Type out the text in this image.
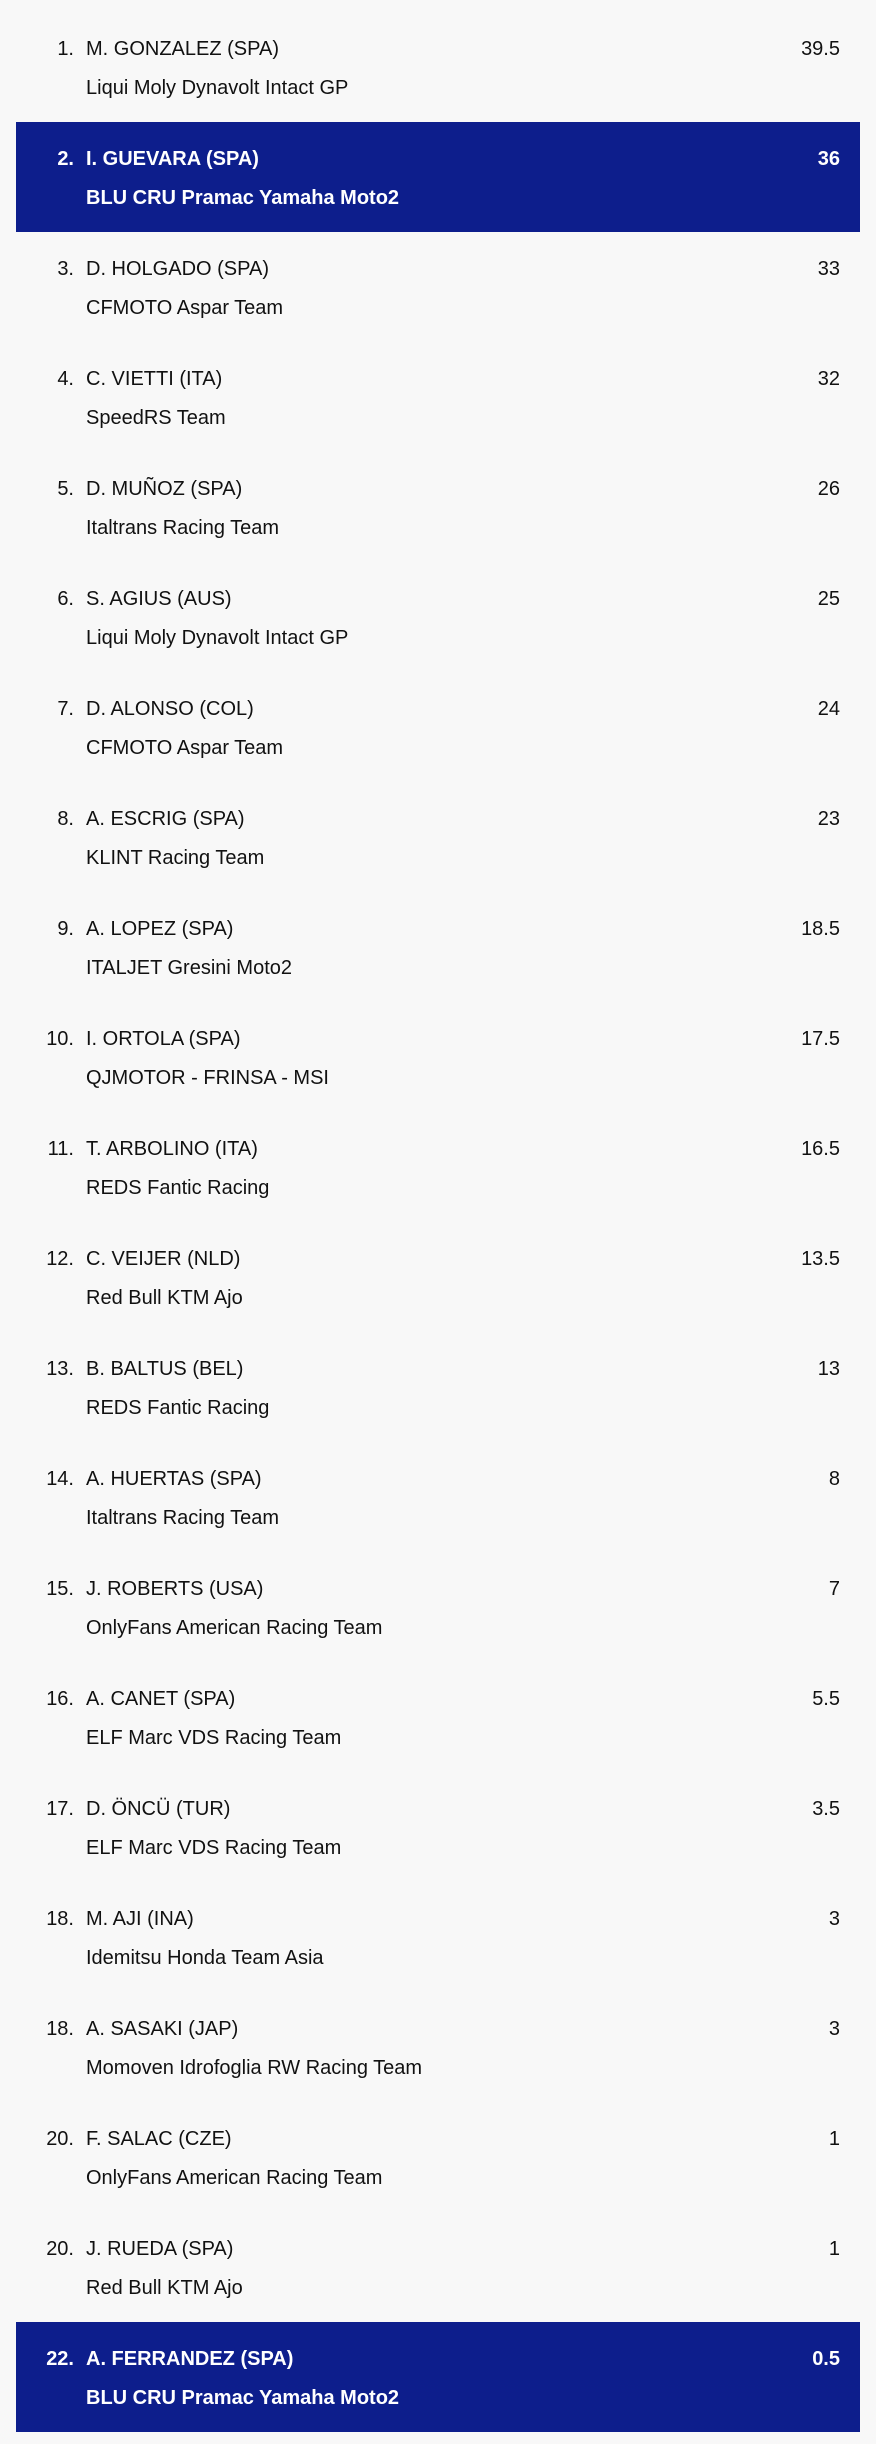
1. M. GONZALEZ (SPA)
Liqui Moly Dynavolt Intact GP
39.5
2. I. GUEVARA (SPA)
BLU CRU Pramac Yamaha Moto2
36
3. D. HOLGADO (SPA)
CFMOTO Aspar Team
33
4. C. VIETTI (ITA)
SpeedRS Team
32
5. D. MUÑOZ (SPA)
Italtrans Racing Team
26
6. S. AGIUS (AUS)
Liqui Moly Dynavolt Intact GP
25
7. D. ALONSO (COL)
CFMOTO Aspar Team
24
8. A. ESCRIG (SPA)
KLINT Racing Team
23
9. A. LOPEZ (SPA)
ITALJET Gresini Moto2
18.5
10. I. ORTOLA (SPA)
QJMOTOR - FRINSA - MSI
17.5
11. T. ARBOLINO (ITA)
REDS Fantic Racing
16.5
12. C. VEIJER (NLD)
Red Bull KTM Ajo
13.5
13. B. BALTUS (BEL)
REDS Fantic Racing
13
14. A. HUERTAS (SPA)
Italtrans Racing Team
8
15. J. ROBERTS (USA)
OnlyFans American Racing Team
7
16. A. CANET (SPA)
ELF Marc VDS Racing Team
5.5
17. D. ÖNCÜ (TUR)
ELF Marc VDS Racing Team
3.5
18. M. AJI (INA)
Idemitsu Honda Team Asia
3
18. A. SASAKI (JAP)
Momoven Idrofoglia RW Racing Team
3
20. F. SALAC (CZE)
OnlyFans American Racing Team
1
20. J. RUEDA (SPA)
Red Bull KTM Ajo
1
22. A. FERRANDEZ (SPA)
BLU CRU Pramac Yamaha Moto2
0.5
